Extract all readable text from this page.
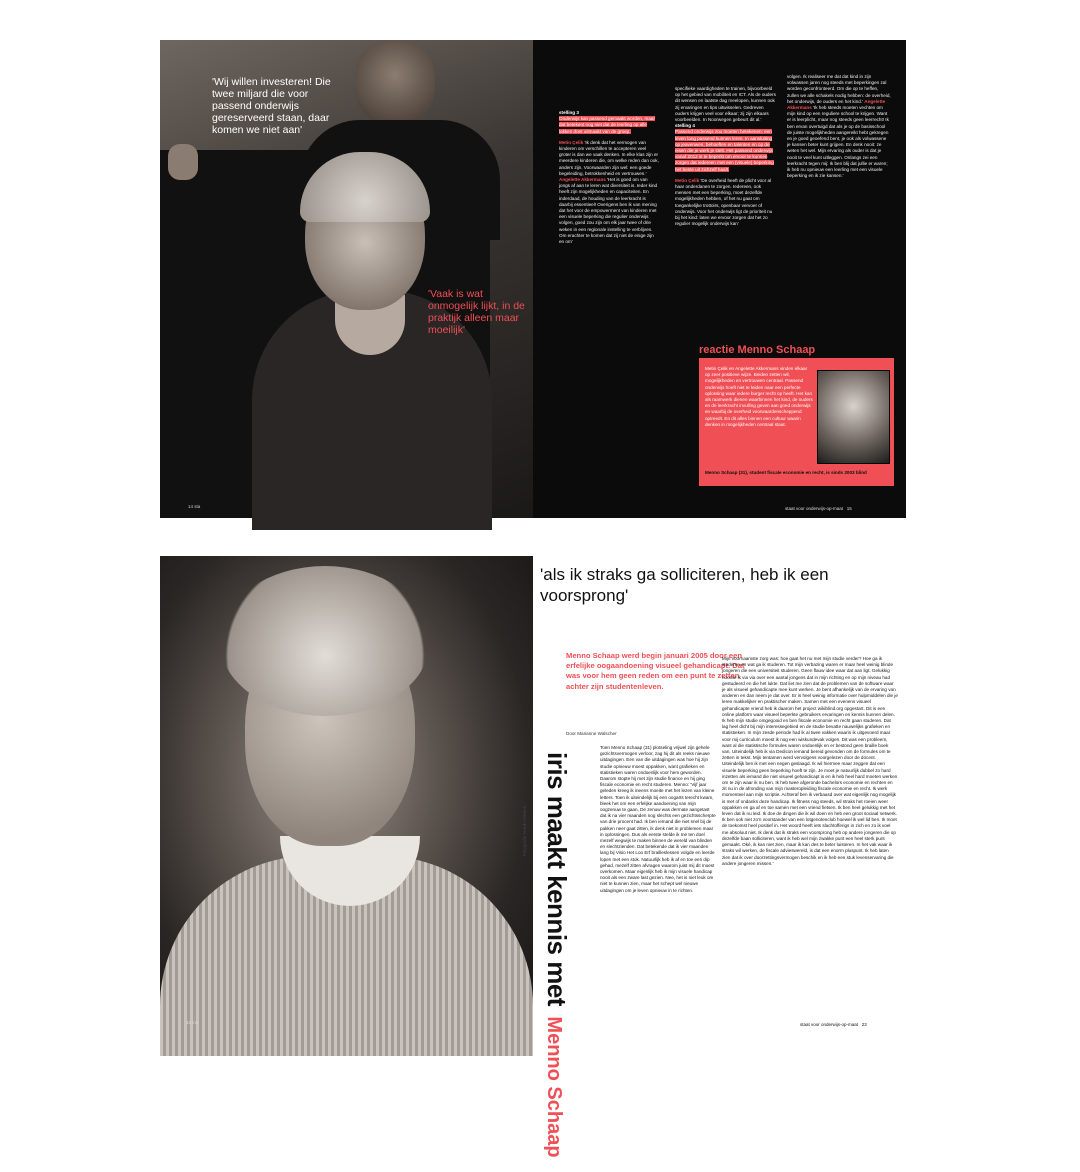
'Wij willen investeren! Die twee miljard die voor passend onderwijs gereserveerd staan, daar komen we niet aan'
'Vaak is wat onmogelijk lijkt, in de praktijk alleen maar moeilijk'
14 sta
stelling 3
Onderwijs kan passend gemaakt worden, maar dat betekent nog niet dat de leerling op alle lokken doet uitmaakt van de groep.
Metin Çelik 'Ik denk dat het vermogen van kinderen om verschillen te accepteren veel groter is dan we vaak denken. In elke klas zijn er meerdere kinderen die, om welke reden dan ook, anders zijn. Voorwaarden zijn wel: een goede begeleiding, betrokkenheid en vertrouwen.'
Angelette Akkermans 'Het is goed om van jongs af aan te leren wat diversiteit is. Ieder kind heeft zijn mogelijkheden en capaciteiten. En inderdaad, de houding van de leerkracht is daarbij essentieel! Overigens ben ik van mening dat het voor de empowerment van kinderen met een visuele beperking die regulier onderwijs volgen, goed zou zijn om elk jaar twee of drie weken in een regionale instelling te verblijven. Om erachter te komen dat zij niet de enige zijn en om'
specifieke vaardigheden te trainen, bijvoorbeeld op het gebied van mobiliteit en ICT. Als de ouders dit wensen en laatste dag meelopen, kunnen ook zij ervaringen en tips uitwisselen. Gedreven ouders krijgen veel voor elkaar; zij zijn elkaars voorbeelden. In Noorwegen gebeurt dit al.'
stelling 4
Passend onderwijs zou moeten betekenen: een leven lang passend kunnen leren. In aansluiting op jeavenwen, behoeften en talenten en op de eisen die je werk je stelt. Het passend onderwijs vanaf 2012 is te beperkt om ervoor te kunnen zorgen dat iedereen met een (visuele) beperking het beste uit zichzelf haalt.
Metin Çelik 'De overheid heeft de plicht voor al haar onderdanen te zorgen. Iedereen, ook mensen met een beperking, moet dezelfde mogelijkheden hebben, of het nu gaat om toegankelijke trottoirs, openbaar vervoer of onderwijs. Voor het onderwijs ligt de prioriteit nu bij het kind: laten we ervoor zorgen dat het zo regulier mogelijk onderwijs kan'
volgen. Ik realiseer me dat dat kind in zijn volwassen jaren nog steeds met beperkingen zal worden geconfronteerd. Om die op te heffen, zullen we alle schakels nodig hebben: de overheid, het onderwijs, de ouders en het kind.' Angelette Akkermans 'Ik heb steeds moeten vechten om mijn kind op een reguliere school te krijgen. Want er is leerplicht, maar nog steeds geen leerrecht! Ik ben ervan overtuigd dat als je op de basisschool de juiste mogelijkheden aangereikt hebt gekregen en je goed geoefend bent, je ook als volwassene je kansen beter kunt grijpen. En denk nooit: ze weten het wel. Mijn ervaring als ouder is dat je nooit te veel kunt uitleggen. Onlangs zei een leerkracht tegen mij: Ik ben blij dat jullie er waren; ik heb nu opnieuw een leerling met een visuele beperking en ik zie kansen.'
reactie Menno Schaap
Metin Çelik en Angelette Akkermans vinden elkaar op zeer positieve wijze. Beiden zetten wil, mogelijkheden en vertrouwen centraal. Passend onderwijs hoeft niet te leiden naar een perfecte oplossing waar iedere burger recht op heeft. Het kan als raamwerk dienen waarbinnen het kind, de ouders en de leerkracht invulling geven aan goed onderwijs en waarbij de overheid voorwaardenscheppend optreedt. En dit alles binnen een cultuur waarin denken in mogelijkheden centraal staat.
Menno Schaap (31), student fiscale economie en recht, is sinds 2003 blind
staat voor onderwijs-op-maat 15
Fotografie Frank Hermes iris maakt kennis met Menno Schaap
'als ik straks ga solliciteren, heb ik een voorsprong'
Menno Schaap werd begin januari 2005 door een erfelijke oogaandoening visueel gehandicapt. Dat was voor hem geen reden om een punt te zetten achter zijn studentenleven.
Door Marianne Walscher
Toen Menno Schaap (31) plotseling vrijwel zijn gehele gezichtsvermogen verloor, zag hij dit als reeks nieuwe uitdagingen. Een van die uitdagingen was hoe hij zijn studie opnieuw moest oppakken, want grafieken en statistieken waren ondoenlijk voor hem geworden. Daarom stopte hij met zijn studie finance en hij ging fiscale economie en recht studeren. Menno: 'Vijf jaar geleden kreeg ik ineens moeite met het lezen van kleine letters. Toen ik uiteindelijk bij een oogarts terecht kwam, bleek het om een erfelijke aandoening van mijn oogzenuw te gaan. De zenuw was dermate aangetast dat ik na vier maanden nog slechts een gezichtsscherpte van drie procent had. Ik ben iemand die niet snel bij de pakken neer gaat zitten, ik denk niet in problemen maar in oplossingen. Dus als eerste stelde ik me ten doel mezelf wegwijs te maken binnen de wereld van blinden en slechtzienden. Dat betekende dat ik vier maanden lang bij Visio Het Loo Erf brailleslessen volgde en leerde lopen met een stok. Natuurlijk heb ik af en toe een dip gehad, mezelf zitten afvragen waarom juist mij dit moest overkomen. Maar eigenlijk heb ik mijn visuele handicap nooit als een zware last gezien. Nee, het is niet leuk om niet te kunnen zien, maar het schept wel nieuwe uitdagingen om je leven opnieuw in te richten.
Mijn voornaamste zorg was: hoe gaat het nu met mijn studie verder? Hoe ga ik studeren en wat ga ik studeren. Tot mijn verbazing waren er maar heel weinig blinde jongeren die een universiteit studeren. Geen flauw idee waar dat aan ligt. Gelukkig hoorde ik via via over een aantal jongens dat in mijn richting en op mijn niveau had gestudeerd en die het lukte. Dat liet me zien dat de problemen van de software waar je als visueel gehandicapte mee kunt werken. Je bent afhankelijk van de ervaring van anderen en dan neem je dat over. Er is heel weinig informatie over hulpmiddelen die je leren makkelijker en praktischer maken. Samen met een evenens visueel gehandicapte vriend heb ik daarom het project wikiblind.org opgestart. Dit is een online platform waar visueel beperkte gebruikers ervaringen en kennis kunnen delen. Ik heb mijn studie omgegooid en ben fiscale economie en recht gaan studeren. Dat lag heel dicht bij mijn interessegebied en de studie bevatte nauwelijks grafieken en statistieken. In mijn zesde periode had ik al twee vakken waarin ik uitgevoerd maar voor mij curriculum moest ik nog een wiskundevak volgen. Dit was een probleem, want al die statistische formules waren ondoenlijk en er bestond geen braille boek van. Uiteindelijk heb ik via Dedicon iemand bereid gevonden om de formules om te zetten in tekst. Mijn tentamen werd vervolgens voorgelezen door de docent. Uiteindelijk ben ik met een negen geslaagd. Ik wil hiermee maar zeggen dat een visuele beperking geen beperking hoeft te zijn. Je moet je natuurlijk dubbel zo hard inzetten als iemand die niet visueel gehandicapt is en ik heb heel hard moeten werken om te zijn waar ik nu ben. Ik heb twee afgeronde bachelors economie en rechten en zit nu in de afronding van mijn masteropleiding fiscale economie en recht. Ik werk momenteel aan mijn scriptie. Achteraf ben ik verbaasd over wat eigenlijk nog mogelijk is met of ondanks deze handicap. Ik fitness nog steeds, wil straks het roeien weer oppakken en ga af en toe samen met een vriend fietsen. Ik ben heel gelukkig met het leven dat ik nu leid. Ik doe de dingen die ik wil doen en heb een groot sociaal netwerk. Ik ben ook niet zo'n voorstander van een lotgenotenclub hoewel ik wel lid ben. Ik moet de toekomst heel positief in. Het woord heeft iets slachtofferigs in zich en zo ik voel me absoluut niet. Ik denk dat ik straks een voorsprong heb op andere jongeren die op dezelfde baan solliciteren, want ik heb wel mijn zwakke punt een heel sterk punt gemaakt. Oké, ik kan niet zien, maar ik kan des te beter luisteren. In het vak waar ik straks wil werken, de fiscale advieswereld, is dat een enorm pluspunt. Ik heb laten zien dat ik over doorzettingsvermogen beschik en ik heb een stuk levenservaring die andere jongeren missen.'
22 iris	staat voor onderwijs-op-maat 23
